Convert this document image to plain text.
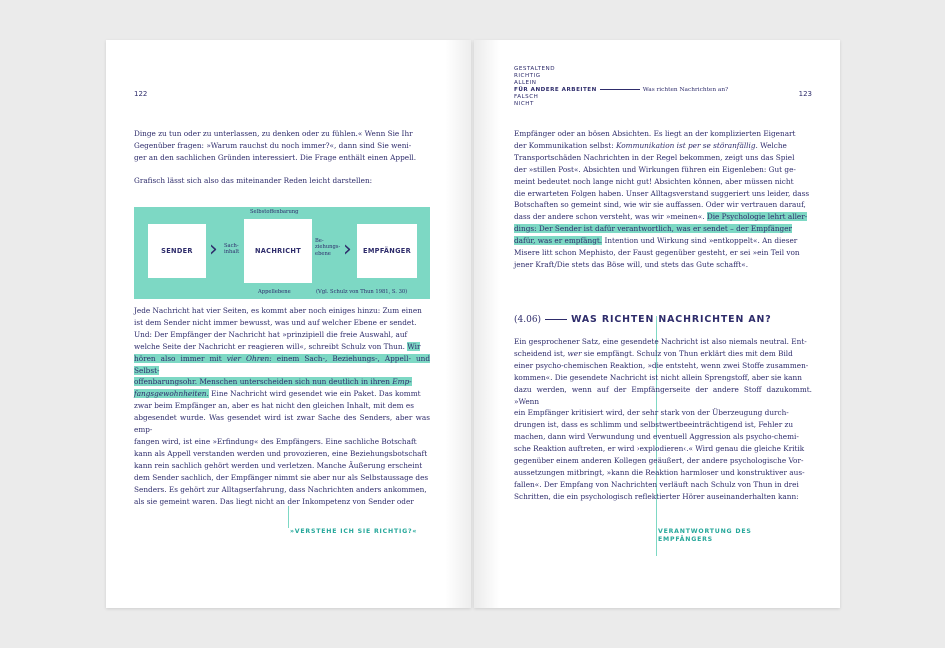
122

Dinge zu tun oder zu unterlassen, zu denken oder zu fühlen.« Wenn Sie Ihr

Gegenüber fragen: »Warum rauchst du noch immer?«, dann sind Sie weni-

ger an den sachlichen Gründen interessiert. Die Frage enthält einen Appell.

Grafisch lässt sich also das miteinander Reden leicht darstellen:

Selbstoffenbarung
SENDER › Sach-
inhalt	NACHRICHT
Be-
ziehungs-
ebene ›	EMPFÄNGER
Appellebene	(Vgl. Schulz von Thun 1981, S. 30)

Jede Nachricht hat vier Seiten, es kommt aber noch einiges hinzu: Zum einen

ist dem Sender nicht immer bewusst, was und auf welcher Ebene er sendet.

Und: Der Empfänger der Nachricht hat »prinzipiell die freie Auswahl, auf

welche Seite der Nachricht er reagieren will«, schreibt Schulz von Thun. Wir

hören also immer mit vier Ohren: einem Sach-, Beziehungs-, Appell- und Selbst-

offenbarungsohr. Menschen unterscheiden sich nun deutlich in ihren Emp-

fangsgewohnheiten. Eine Nachricht wird gesendet wie ein Paket. Das kommt

zwar beim Empfänger an, aber es hat nicht den gleichen Inhalt, mit dem es

abgesendet wurde. Was gesendet wird ist zwar Sache des Senders, aber was emp-

fangen wird, ist eine »Erfindung« des Empfängers. Eine sachliche Botschaft

kann als Appell verstanden werden und provozieren, eine Beziehungsbotschaft

kann rein sachlich gehört werden und verletzen. Manche Äußerung erscheint

dem Sender sachlich, der Empfänger nimmt sie aber nur als Selbstaussage des

Senders. Es gehört zur Alltagserfahrung, dass Nachrichten anders ankommen,

als sie gemeint waren. Das liegt nicht an der Inkompetenz von Sender oder

»VERSTEHE ICH SIE RICHTIG?«
123
GESTALTEND
RICHTIG
ALLEIN
FÜR ANDERE ARBEITEN	Was richten Nachrichten an?
FALSCH
NICHT

Empfänger oder an bösen Absichten. Es liegt an der komplizierten Eigenart

der Kommunikation selbst: Kommunikation ist per se störanfällig. Welche

Transportschäden Nachrichten in der Regel bekommen, zeigt uns das Spiel

der »stillen Post«. Absichten und Wirkungen führen ein Eigenleben: Gut ge-

meint bedeutet noch lange nicht gut! Absichten können, aber müssen nicht

die erwarteten Folgen haben. Unser Alltagsverstand suggeriert uns leider, dass

Botschaften so gemeint sind, wie wir sie auffassen. Oder wir vertrauen darauf,

dass der andere schon versteht, was wir »meinen«. Die Psychologie lehrt aller-

dings: Der Sender ist dafür verantwortlich, was er sendet – der Empfänger

dafür, was er empfängt. Intention und Wirkung sind »entkoppelt«. An dieser

Misere litt schon Mephisto, der Faust gegenüber gesteht, er sei »ein Teil von

jener Kraft/Die stets das Böse will, und stets das Gute schafft«.

(4.06)	WAS RICHTEN NACHRICHTEN AN?

Ein gesprochener Satz, eine gesendete Nachricht ist also niemals neutral. Ent-

scheidend ist, wer sie empfängt. Schulz von Thun erklärt dies mit dem Bild

einer psycho-chemischen Reaktion, »die entsteht, wenn zwei Stoffe zusammen-

kommen«. Die gesendete Nachricht ist nicht allein Sprengstoff, aber sie kann

dazu werden, wenn auf der Empfängerseite der andere Stoff dazukommt. »Wenn

ein Empfänger kritisiert wird, der sehr stark von der Überzeugung durch-

drungen ist, dass es schlimm und selbstwertbeeinträchtigend ist, Fehler zu

machen, dann wird Verwundung und eventuell Aggression als psycho-chemi-

sche Reaktion auftreten, er wird ›explodieren‹.« Wird genau die gleiche Kritik

gegenüber einem anderen Kollegen geäußert, der andere psychologische Vor-

aussetzungen mitbringt, »kann die Reaktion harmloser und konstruktiver aus-

fallen«. Der Empfang von Nachrichten verläuft nach Schulz von Thun in drei

Schritten, die ein psychologisch reflektierter Hörer auseinanderhalten kann:

VERANTWORTUNG DES
EMPFÄNGERS
